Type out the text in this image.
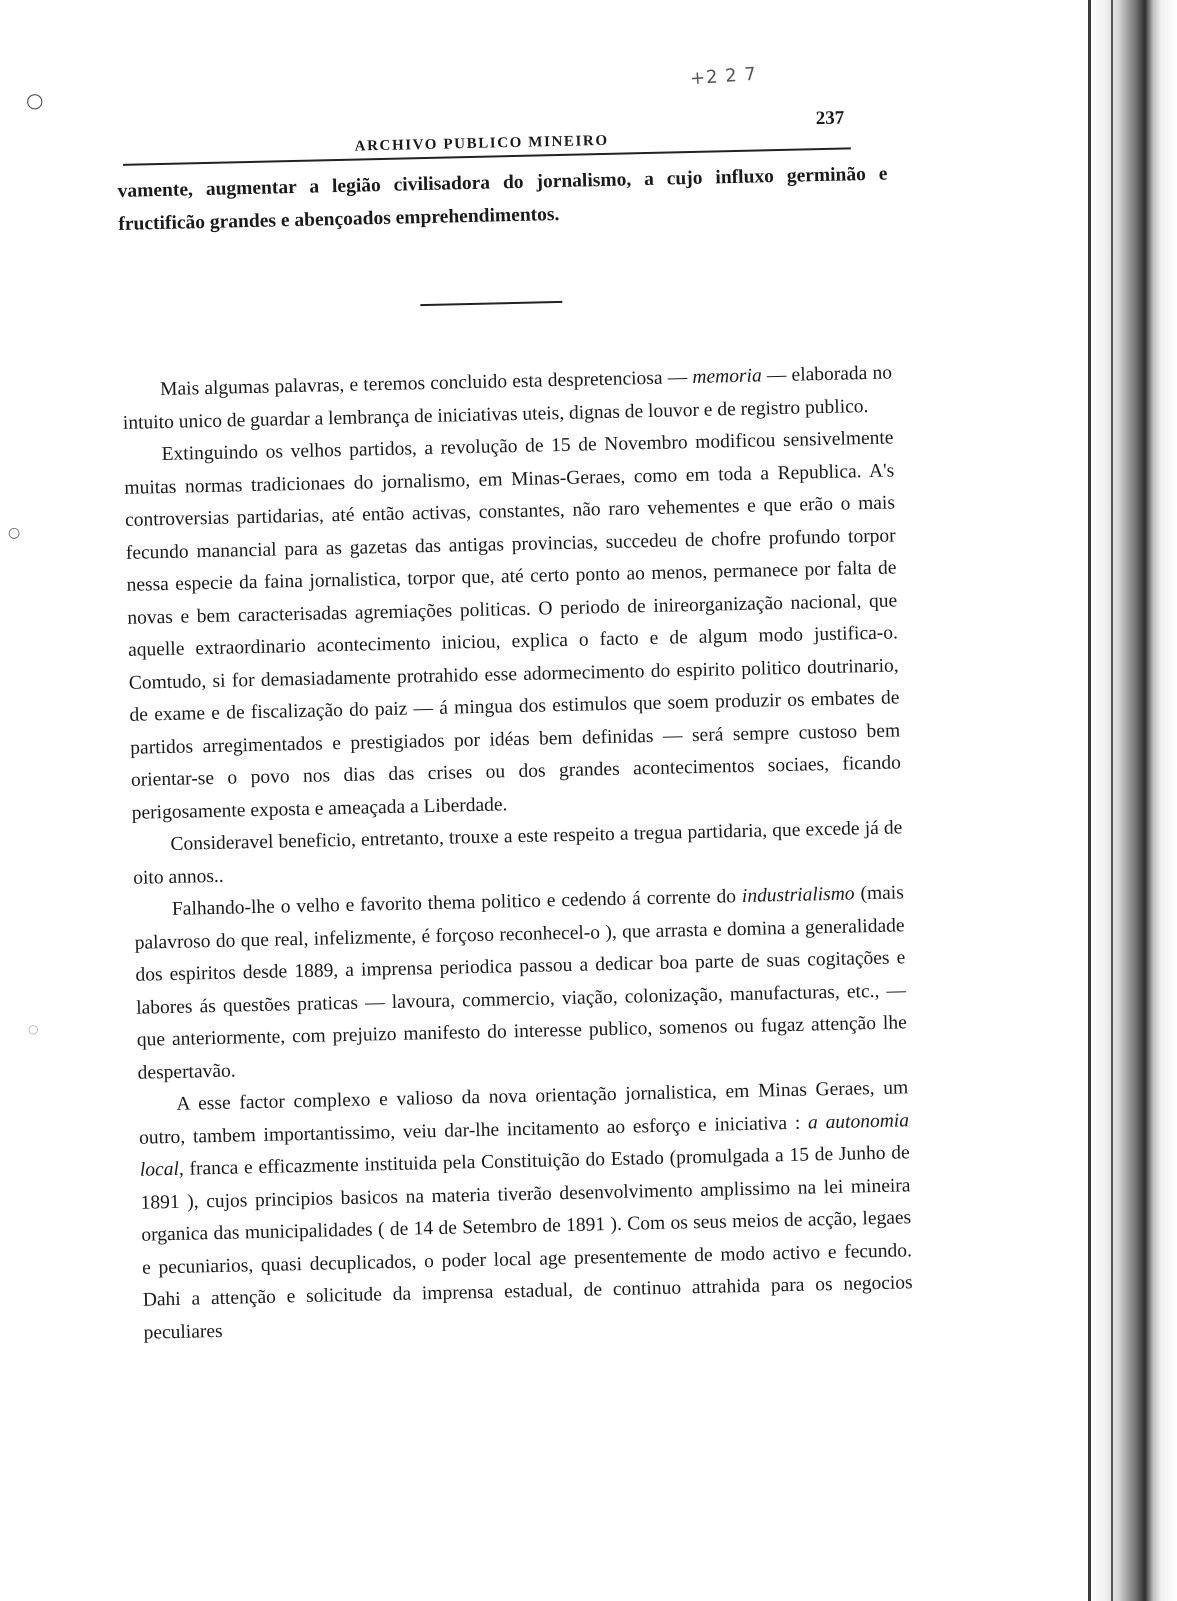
○
○
○
+2 2 7
ARCHIVO PUBLICO MINEIRO
237

vamente, augmentar a legião civilisadora do jornalismo, a cujo influxo germinão e fructificão grandes e abençoados emprehendimentos.

Mais algumas palavras, e teremos concluido esta despretenciosa — memoria — elaborada no intuito unico de guardar a lembrança de iniciativas uteis, dignas de louvor e de registro publico.

Extinguindo os velhos partidos, a revolução de 15 de Novembro modificou sensivelmente muitas normas tradicionaes do jornalismo, em Minas-Geraes, como em toda a Republica. A's controversias partidarias, até então activas, constantes, não raro vehementes e que erão o mais fecundo manancial para as gazetas das antigas provincias, succedeu de chofre profundo torpor nessa especie da faina jornalistica, torpor que, até certo ponto ao menos, permanece por falta de novas e bem caracterisadas agremiações politicas. O periodo de inireorganização nacional, que aquelle extraordinario acontecimento iniciou, explica o facto e de algum modo justifica-o. Comtudo, si for demasiadamente protrahido esse adormecimento do espirito politico doutrinario, de exame e de fiscalização do paiz — á mingua dos estimulos que soem produzir os embates de partidos arregimentados e prestigiados por idéas bem definidas — será sempre custoso bem orientar-se o povo nos dias das crises ou dos grandes acontecimentos sociaes, ficando perigosamente exposta e ameaçada a Liberdade.

Consideravel beneficio, entretanto, trouxe a este respeito a tregua partidaria, que excede já de oito annos..

Falhando-lhe o velho e favorito thema politico e cedendo á corrente do industrialismo (mais palavroso do que real, infelizmente, é forçoso reconhecel-o ), que arrasta e domina a generalidade dos espiritos desde 1889, a imprensa periodica passou a dedicar boa parte de suas cogitações e labores ás questões praticas — lavoura, commercio, viação, colonização, manufacturas, etc., — que anteriormente, com prejuizo manifesto do interesse publico, somenos ou fugaz attenção lhe despertavão.

A esse factor complexo e valioso da nova orientação jornalistica, em Minas Geraes, um outro, tambem importantissimo, veiu dar-lhe incitamento ao esforço e iniciativa : a autonomia local, franca e efficazmente instituida pela Constituição do Estado (promulgada a 15 de Junho de 1891 ), cujos principios basicos na materia tiverão desenvolvimento amplissimo na lei mineira organica das municipalidades ( de 14 de Setembro de 1891 ). Com os seus meios de acção, legaes e pecuniarios, quasi decuplicados, o poder local age presentemente de modo activo e fecundo. Dahi a attenção e solicitude da imprensa estadual, de continuo attrahida para os negocios peculiares
